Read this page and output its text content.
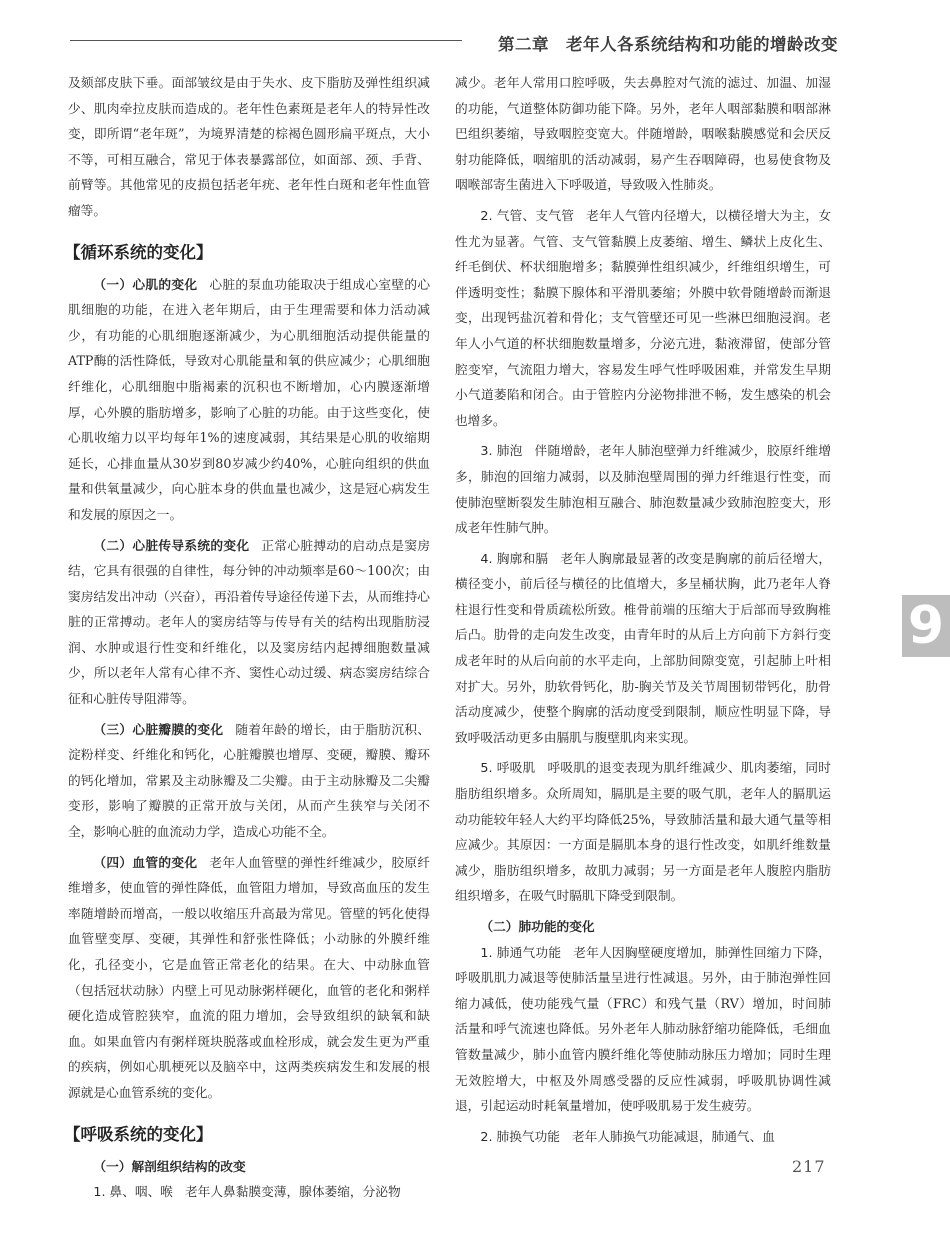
第二章　老年人各系统结构和功能的增龄改变

及颏部皮肤下垂。面部皱纹是由于失水、皮下脂肪及弹性组织减少、肌肉牵拉皮肤而造成的。老年性色素斑是老年人的特异性改变，即所谓“老年斑”，为境界清楚的棕褐色圆形扁平斑点，大小不等，可相互融合，常见于体表暴露部位，如面部、颈、手背、前臂等。其他常见的皮损包括老年疣、老年性白斑和老年性血管瘤等。

【循环系统的变化】

（一）心肌的变化 心脏的泵血功能取决于组成心室壁的心肌细胞的功能，在进入老年期后，由于生理需要和体力活动减少，有功能的心肌细胞逐渐减少，为心肌细胞活动提供能量的ATP酶的活性降低，导致对心肌能量和氧的供应减少；心肌细胞纤维化，心肌细胞中脂褐素的沉积也不断增加，心内膜逐渐增厚，心外膜的脂肪增多，影响了心脏的功能。由于这些变化，使心肌收缩力以平均每年1%的速度减弱，其结果是心肌的收缩期延长，心排血量从30岁到80岁减少约40%，心脏向组织的供血量和供氧量减少，向心脏本身的供血量也减少，这是冠心病发生和发展的原因之一。

（二）心脏传导系统的变化 正常心脏搏动的启动点是窦房结，它具有很强的自律性，每分钟的冲动频率是60～100次；由窦房结发出冲动（兴奋），再沿着传导途径传递下去，从而维持心脏的正常搏动。老年人的窦房结等与传导有关的结构出现脂肪浸润、水肿或退行性变和纤维化，以及窦房结内起搏细胞数量减少，所以老年人常有心律不齐、窦性心动过缓、病态窦房结综合征和心脏传导阻滞等。

（三）心脏瓣膜的变化 随着年龄的增长，由于脂肪沉积、淀粉样变、纤维化和钙化，心脏瓣膜也增厚、变硬，瓣膜、瓣环的钙化增加，常累及主动脉瓣及二尖瓣。由于主动脉瓣及二尖瓣变形，影响了瓣膜的正常开放与关闭，从而产生狭窄与关闭不全，影响心脏的血流动力学，造成心功能不全。

（四）血管的变化 老年人血管壁的弹性纤维减少，胶原纤维增多，使血管的弹性降低，血管阻力增加，导致高血压的发生率随增龄而增高，一般以收缩压升高最为常见。管壁的钙化使得血管壁变厚、变硬，其弹性和舒张性降低；小动脉的外膜纤维化，孔径变小，它是血管正常老化的结果。在大、中动脉血管（包括冠状动脉）内壁上可见动脉粥样硬化，血管的老化和粥样硬化造成管腔狭窄，血流的阻力增加，会导致组织的缺氧和缺血。如果血管内有粥样斑块脱落或血栓形成，就会发生更为严重的疾病，例如心肌梗死以及脑卒中，这两类疾病发生和发展的根源就是心血管系统的变化。

【呼吸系统的变化】
（一）解剖组织结构的改变

1. 鼻、咽、喉 老年人鼻黏膜变薄，腺体萎缩，分泌物

减少。老年人常用口腔呼吸，失去鼻腔对气流的滤过、加温、加湿的功能，气道整体防御功能下降。另外，老年人咽部黏膜和咽部淋巴组织萎缩，导致咽腔变宽大。伴随增龄，咽喉黏膜感觉和会厌反射功能降低，咽缩肌的活动减弱，易产生吞咽障碍，也易使食物及咽喉部寄生菌进入下呼吸道，导致吸入性肺炎。

2. 气管、支气管 老年人气管内径增大，以横径增大为主，女性尤为显著。气管、支气管黏膜上皮萎缩、增生、鳞状上皮化生、纤毛倒伏、杯状细胞增多；黏膜弹性组织减少，纤维组织增生，可伴透明变性；黏膜下腺体和平滑肌萎缩；外膜中软骨随增龄而渐退变，出现钙盐沉着和骨化；支气管壁还可见一些淋巴细胞浸润。老年人小气道的杯状细胞数量增多，分泌亢进，黏液滞留，使部分管腔变窄，气流阻力增大，容易发生呼气性呼吸困难，并常发生早期小气道萎陷和闭合。由于管腔内分泌物排泄不畅，发生感染的机会也增多。

3. 肺泡 伴随增龄，老年人肺泡壁弹力纤维减少，胶原纤维增多，肺泡的回缩力减弱，以及肺泡壁周围的弹力纤维退行性变，而使肺泡壁断裂发生肺泡相互融合、肺泡数量减少致肺泡腔变大，形成老年性肺气肿。

4. 胸廓和膈 老年人胸廓最显著的改变是胸廓的前后径增大，横径变小，前后径与横径的比值增大，多呈桶状胸，此乃老年人脊柱退行性变和骨质疏松所致。椎骨前端的压缩大于后部而导致胸椎后凸。肋骨的走向发生改变，由青年时的从后上方向前下方斜行变成老年时的从后向前的水平走向，上部肋间隙变宽，引起肺上叶相对扩大。另外，肋软骨钙化，肋-胸关节及关节周围韧带钙化，肋骨活动度减少，使整个胸廓的活动度受到限制，顺应性明显下降，导致呼吸活动更多由膈肌与腹壁肌肉来实现。

5. 呼吸肌 呼吸肌的退变表现为肌纤维减少、肌肉萎缩，同时脂肪组织增多。众所周知，膈肌是主要的吸气肌，老年人的膈肌运动功能较年轻人大约平均降低25%，导致肺活量和最大通气量等相应减少。其原因：一方面是膈肌本身的退行性改变，如肌纤维数量减少，脂肪组织增多，故肌力减弱；另一方面是老年人腹腔内脂肪组织增多，在吸气时膈肌下降受到限制。

（二）肺功能的变化

1. 肺通气功能 老年人因胸壁硬度增加，肺弹性回缩力下降，呼吸肌肌力减退等使肺活量呈进行性减退。另外，由于肺泡弹性回缩力减低，使功能残气量（FRC）和残气量（RV）增加，时间肺活量和呼气流速也降低。另外老年人肺动脉舒缩功能降低，毛细血管数量减少，肺小血管内膜纤维化等使肺动脉压力增加；同时生理无效腔增大，中枢及外周感受器的反应性减弱，呼吸肌协调性减退，引起运动时耗氧量增加，使呼吸肌易于发生疲劳。

2. 肺换气功能 老年人肺换气功能减退，肺通气、血

9
217
